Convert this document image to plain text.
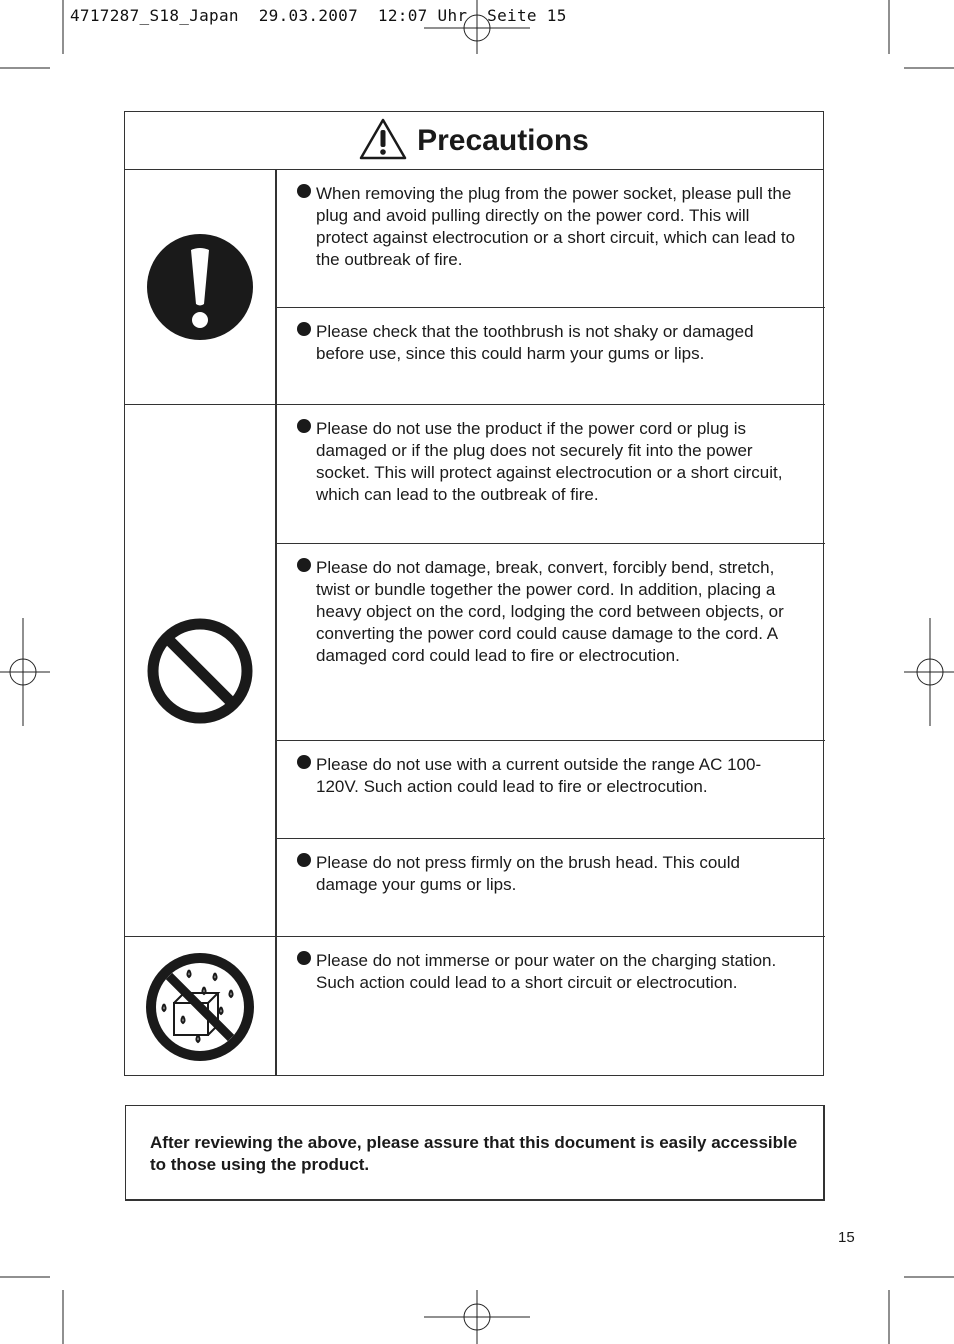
4717287_S18_Japan  29.03.2007  12:07 Uhr  Seite 15
Precautions
When removing the plug from the power socket, please pull the plug and avoid pulling directly on the power cord. This will protect against electrocution or a short circuit, which can lead to the outbreak of fire.
Please check that the toothbrush is not shaky or damaged before use, since this could harm your gums or lips.
Please do not use the product if the power cord or plug is damaged or if the plug does not securely fit into the power socket. This will protect against electrocution or a short circuit, which can lead to the outbreak of fire.
Please do not damage, break, convert, forcibly bend, stretch, twist or bundle together the power cord. In addition, placing a heavy object on the cord, lodging the cord between objects, or converting the power cord could cause damage to the cord. A damaged cord could lead to fire or electrocution.
Please do not use with a current outside the range AC 100-120V. Such action could lead to fire or electrocution.
Please do not press firmly on the brush head. This could damage your gums or lips.
Please do not immerse or pour water on the charging station. Such action could lead to a short circuit or electrocution.
After reviewing the above, please assure that this document is easily accessible to those using the product.
15
